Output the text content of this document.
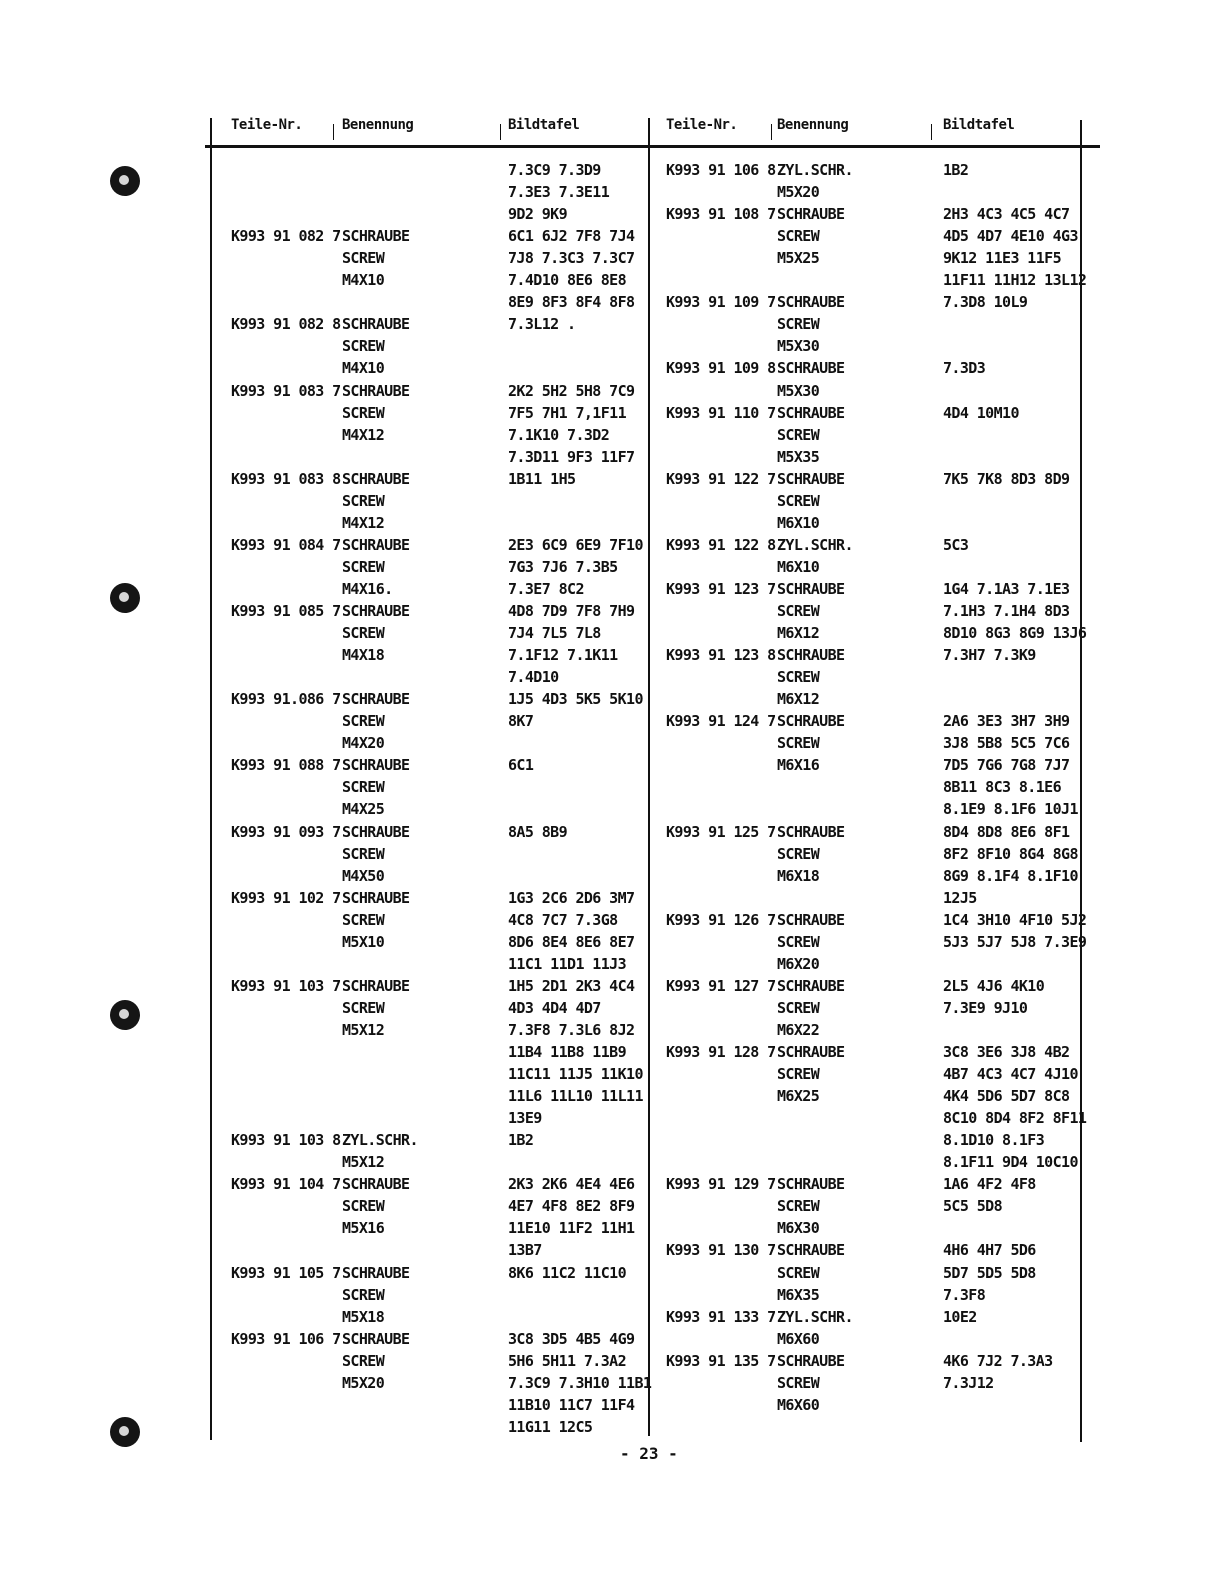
Teile-Nr.	Benennung	Bildtafel	Teile-Nr.	Benennung	Bildtafel
7.3C9 7.3D9
7.3E3 7.3E11
9D2 9K9
K993 91 082 7 SCHRAUBE	6C1 6J2 7F8 7J4
SCREW	7J8 7.3C3 7.3C7
M4X10	7.4D10 8E6 8E8
8E9 8F3 8F4 8F8
K993 91 082 8 SCHRAUBE	7.3L12 .
SCREW
M4X10
K993 91 083 7 SCHRAUBE	2K2 5H2 5H8 7C9
SCREW	7F5 7H1 7,1F11
M4X12	7.1K10 7.3D2
7.3D11 9F3 11F7
K993 91 083 8 SCHRAUBE	1B11 1H5
SCREW
M4X12
K993 91 084 7 SCHRAUBE	2E3 6C9 6E9 7F10
SCREW	7G3 7J6 7.3B5
M4X16.	7.3E7 8C2
K993 91 085 7 SCHRAUBE	4D8 7D9 7F8 7H9
SCREW	7J4 7L5 7L8
M4X18	7.1F12 7.1K11
7.4D10
K993 91.086 7 SCHRAUBE	1J5 4D3 5K5 5K10
SCREW	8K7
M4X20
K993 91 088 7 SCHRAUBE	6C1
SCREW
M4X25
K993 91 093 7 SCHRAUBE	8A5 8B9
SCREW
M4X50
K993 91 102 7 SCHRAUBE	1G3 2C6 2D6 3M7
SCREW	4C8 7C7 7.3G8
M5X10	8D6 8E4 8E6 8E7
11C1 11D1 11J3
K993 91 103 7 SCHRAUBE	1H5 2D1 2K3 4C4
SCREW	4D3 4D4 4D7
M5X12	7.3F8 7.3L6 8J2
11B4 11B8 11B9
11C11 11J5 11K10
11L6 11L10 11L11
13E9
K993 91 103 8 ZYL.SCHR.	1B2
M5X12
K993 91 104 7 SCHRAUBE	2K3 2K6 4E4 4E6
SCREW	4E7 4F8 8E2 8F9
M5X16	11E10 11F2 11H1
13B7
K993 91 105 7 SCHRAUBE	8K6 11C2 11C10
SCREW
M5X18
K993 91 106 7 SCHRAUBE	3C8 3D5 4B5 4G9
SCREW	5H6 5H11 7.3A2
M5X20	7.3C9 7.3H10 11B1
11B10 11C7 11F4
11G11 12C5
K993 91 106 8 ZYL.SCHR.	1B2
M5X20
K993 91 108 7 SCHRAUBE	2H3 4C3 4C5 4C7
SCREW	4D5 4D7 4E10 4G3
M5X25	9K12 11E3 11F5
11F11 11H12 13L12
K993 91 109 7 SCHRAUBE	7.3D8 10L9
SCREW
M5X30
K993 91 109 8 SCHRAUBE	7.3D3
M5X30
K993 91 110 7 SCHRAUBE	4D4 10M10
SCREW
M5X35
K993 91 122 7 SCHRAUBE	7K5 7K8 8D3 8D9
SCREW
M6X10
K993 91 122 8 ZYL.SCHR.	5C3
M6X10
K993 91 123 7 SCHRAUBE	1G4 7.1A3 7.1E3
SCREW	7.1H3 7.1H4 8D3
M6X12	8D10 8G3 8G9 13J6
K993 91 123 8 SCHRAUBE	7.3H7 7.3K9
SCREW
M6X12
K993 91 124 7 SCHRAUBE	2A6 3E3 3H7 3H9
SCREW	3J8 5B8 5C5 7C6
M6X16	7D5 7G6 7G8 7J7
8B11 8C3 8.1E6
8.1E9 8.1F6 10J1
K993 91 125 7 SCHRAUBE	8D4 8D8 8E6 8F1
SCREW	8F2 8F10 8G4 8G8
M6X18	8G9 8.1F4 8.1F10
12J5
K993 91 126 7 SCHRAUBE	1C4 3H10 4F10 5J2
SCREW	5J3 5J7 5J8 7.3E9
M6X20
K993 91 127 7 SCHRAUBE	2L5 4J6 4K10
SCREW	7.3E9 9J10
M6X22
K993 91 128 7 SCHRAUBE	3C8 3E6 3J8 4B2
SCREW	4B7 4C3 4C7 4J10
M6X25	4K4 5D6 5D7 8C8
8C10 8D4 8F2 8F11
8.1D10 8.1F3
8.1F11 9D4 10C10
K993 91 129 7 SCHRAUBE	1A6 4F2 4F8
SCREW	5C5 5D8
M6X30
K993 91 130 7 SCHRAUBE	4H6 4H7 5D6
SCREW	5D7 5D5 5D8
M6X35	7.3F8
K993 91 133 7 ZYL.SCHR.	10E2
M6X60
K993 91 135 7 SCHRAUBE	4K6 7J2 7.3A3
SCREW	7.3J12
M6X60
- 23 -
